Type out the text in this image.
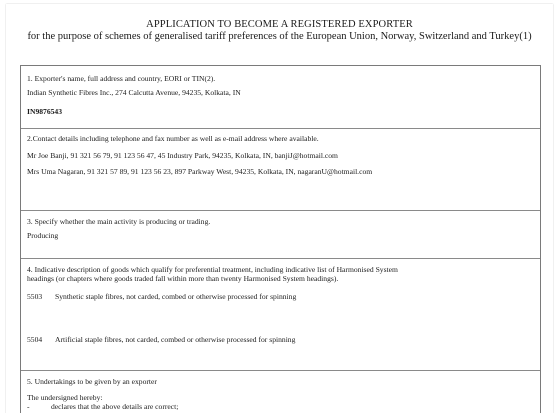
APPLICATION TO BECOME A REGISTERED EXPORTER
for the purpose of schemes of generalised tariff preferences of the European Union, Norway, Switzerland and Turkey(1)

1. Exporter's name, full address and country, EORI or TIN(2).

Indian Synthetic Fibres Inc., 274 Calcutta Avenue, 94235, Kolkata, IN

IN9876543

2.Contact details including telephone and fax number as well as e-mail address where available.

Mr Joe Banji, 91 321 56 79, 91 123 56 47, 45 Industry Park, 94235, Kolkata, IN, banjiJ@hotmail.com

Mrs Uma Nagaran, 91 321 57 89, 91 123 56 23, 897 Parkway West, 94235, Kolkata, IN, nagaranU@hotmail.com

3. Specify whether the main activity is producing or trading.

Producing

4. Indicative description of goods which qualify for preferential treatment, including indicative list of Harmonised System

headings (or chapters where goods traded fall within more than twenty Harmonised System headings).

5503 Synthetic staple fibres, not carded, combed or otherwise processed for spinning

5504 Artificial staple fibres, not carded, combed or otherwise processed for spinning

5. Undertakings to be given by an exporter

The undersigned hereby:

-	declares that the above details are correct;
